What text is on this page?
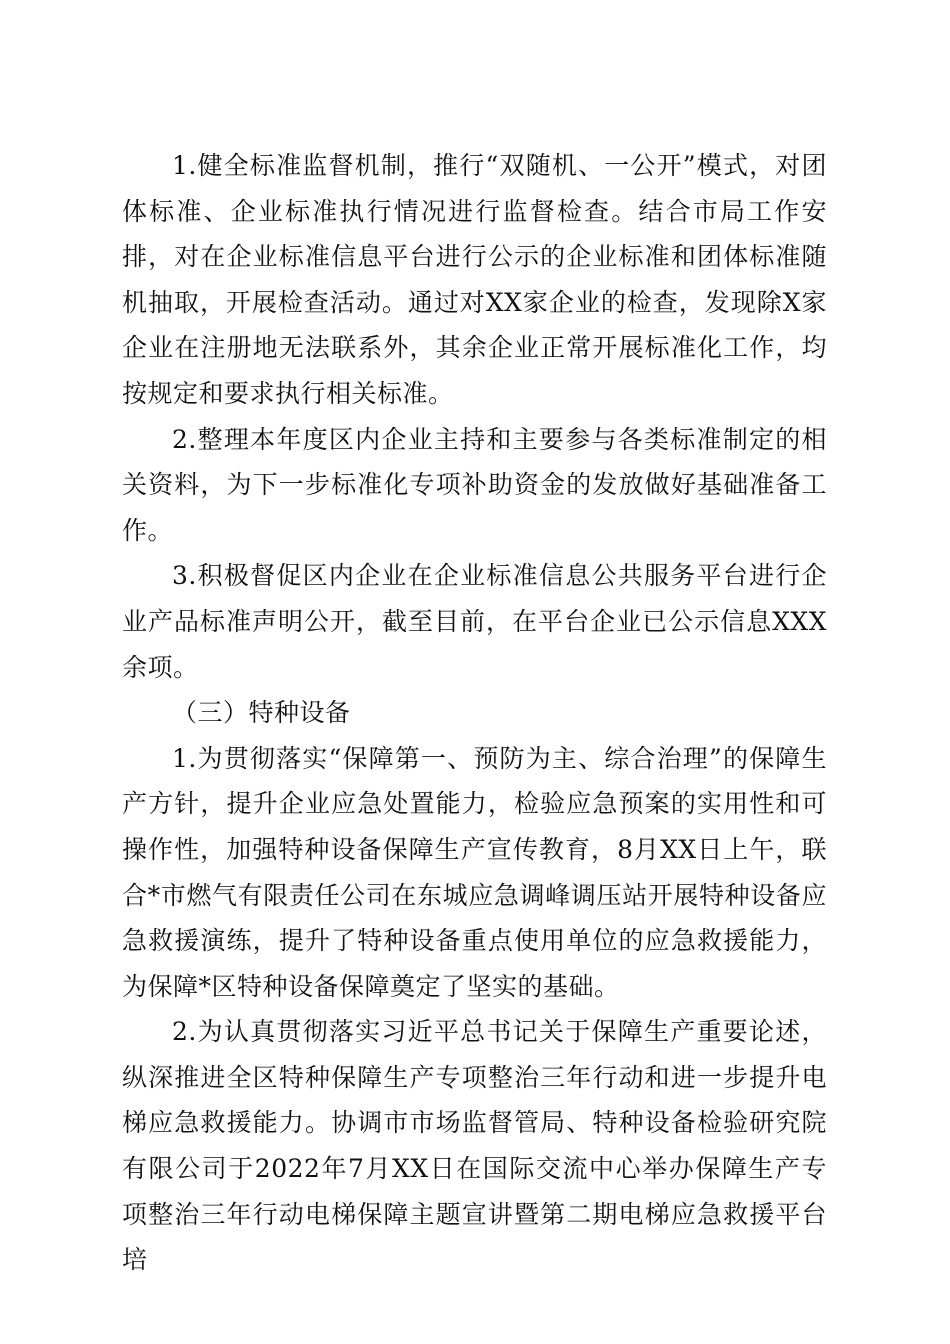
1.健全标准监督机制，推行“双随机、一公开”模式，对团体标准、企业标准执行情况进行监督检查。结合市局工作安排，对在企业标准信息平台进行公示的企业标准和团体标准随机抽取，开展检查活动。通过对XX家企业的检查，发现除X家企业在注册地无法联系外，其余企业正常开展标准化工作，均按规定和要求执行相关标准。

2.整理本年度区内企业主持和主要参与各类标准制定的相关资料，为下一步标准化专项补助资金的发放做好基础准备工作。

3.积极督促区内企业在企业标准信息公共服务平台进行企业产品标准声明公开，截至目前，在平台企业已公示信息XXX余项。

（三）特种设备

1.为贯彻落实“保障第一、预防为主、综合治理”的保障生产方针，提升企业应急处置能力，检验应急预案的实用性和可操作性，加强特种设备保障生产宣传教育，8月XX日上午，联合*市燃气有限责任公司在东城应急调峰调压站开展特种设备应急救援演练，提升了特种设备重点使用单位的应急救援能力，为保障*区特种设备保障奠定了坚实的基础。

2.为认真贯彻落实习近平总书记关于保障生产重要论述，纵深推进全区特种保障生产专项整治三年行动和进一步提升电梯应急救援能力。协调市市场监督管局、特种设备检验研究院有限公司于2022年7月XX日在国际交流中心举办保障生产专项整治三年行动电梯保障主题宣讲暨第二期电梯应急救援平台培
